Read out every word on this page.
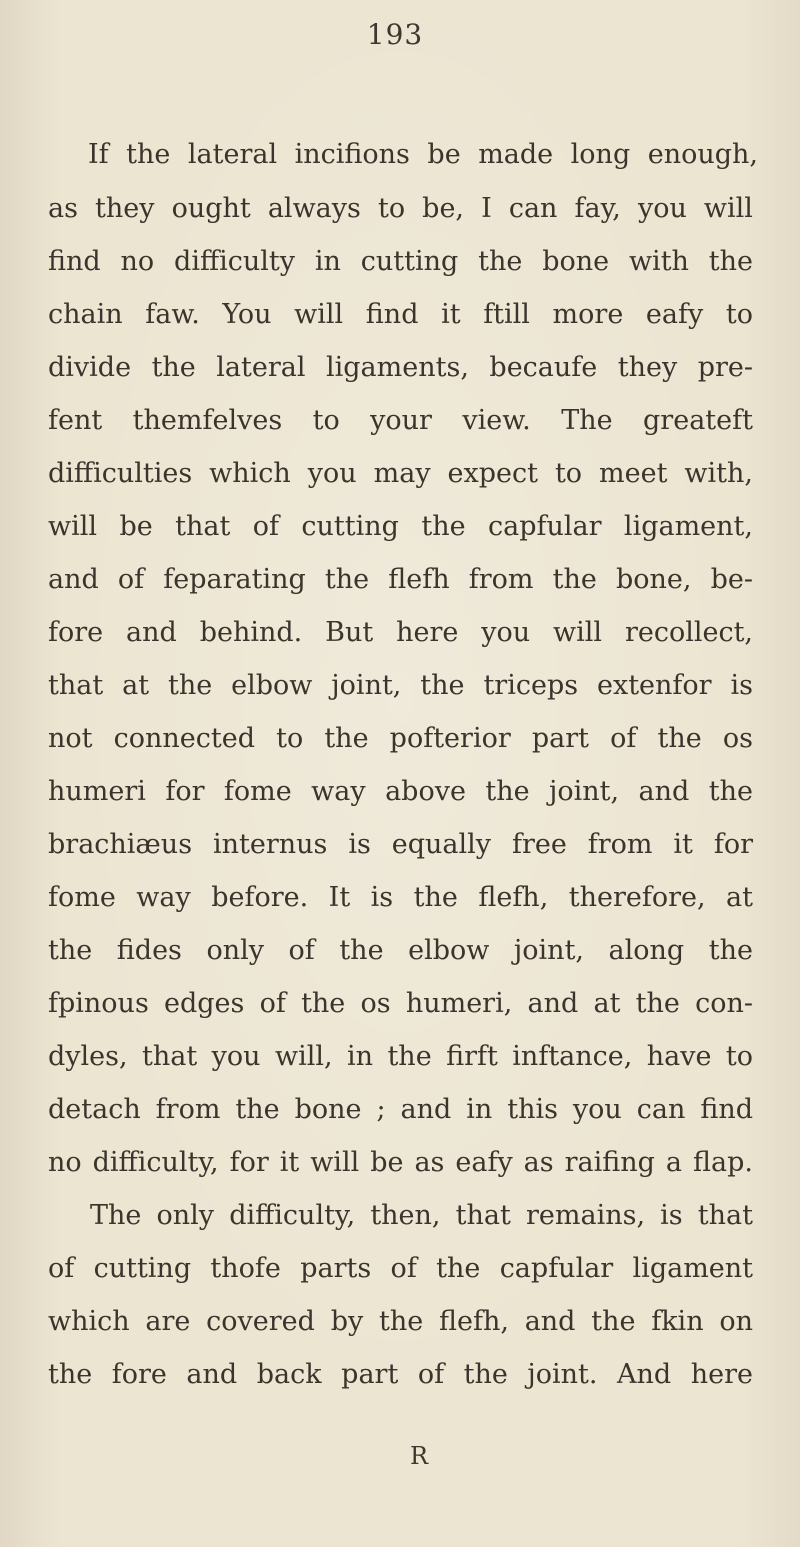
193
If the lateral incifions be made long enough,
as they ought always to be, I can fay, you will
find no difficulty in cutting the bone with the
chain faw. You will find it ftill more eafy to
divide the lateral ligaments, becaufe they pre-
fent themfelves to your view. The greateft
difficulties which you may expect to meet with,
will be that of cutting the capfular ligament,
and of feparating the flefh from the bone, be-
fore and behind. But here you will recollect,
that at the elbow joint, the triceps extenfor is
not connected to the pofterior part of the os
humeri for fome way above the joint, and the
brachiæus internus is equally free from it for
fome way before. It is the flefh, therefore, at
the fides only of the elbow joint, along the
fpinous edges of the os humeri, and at the con-
dyles, that you will, in the firft inftance, have to
detach from the bone ; and in this you can find
no difficulty, for it will be as eafy as raifing a flap.
The only difficulty, then, that remains, is that
of cutting thofe parts of the capfular ligament
which are covered by the flefh, and the fkin on
the fore and back part of the joint. And here
R
